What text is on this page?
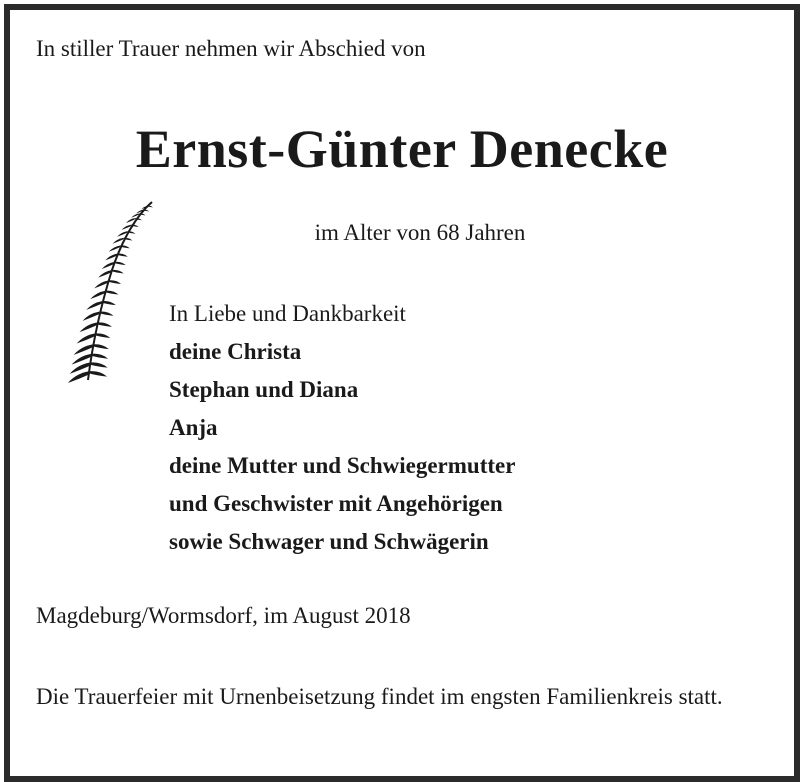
In stiller Trauer nehmen wir Abschied von
Ernst-Günter Denecke
im Alter von 68 Jahren
In Liebe und Dankbarkeit
deine Christa
Stephan und Diana
Anja
deine Mutter und Schwiegermutter
und Geschwister mit Angehörigen
sowie Schwager und Schwägerin
Magdeburg/Wormsdorf, im August 2018
Die Trauerfeier mit Urnenbeisetzung findet im engsten Familienkreis statt.
